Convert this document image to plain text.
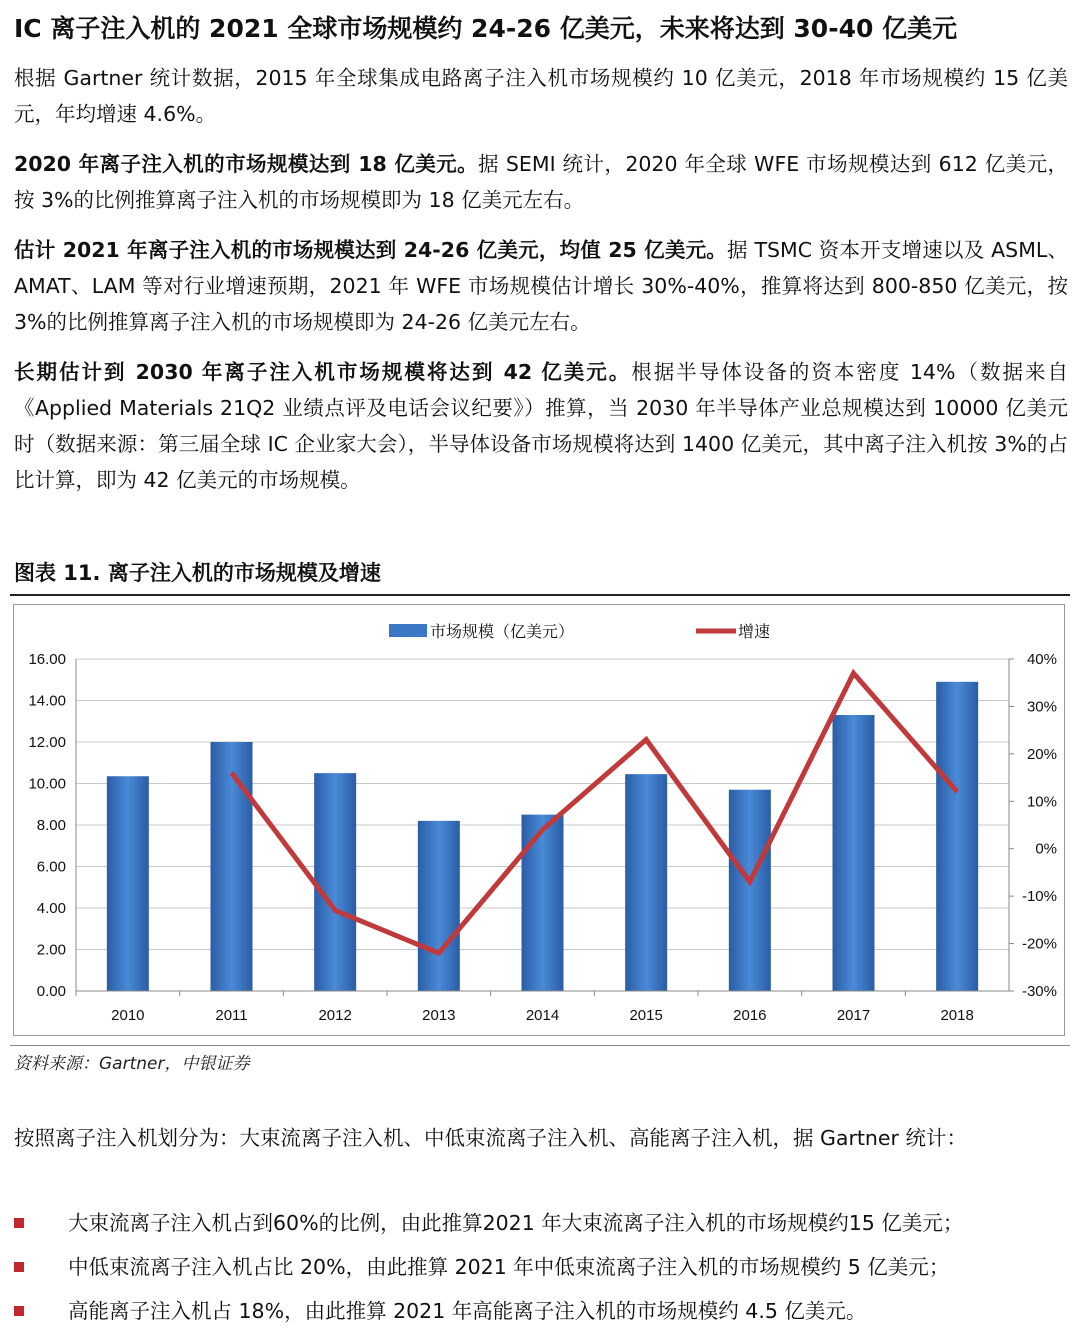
IC 离子注入机的 2021 全球市场规模约 24-26 亿美元，未来将达到 30-40 亿美元
根据 Gartner 统计数据，2015 年全球集成电路离子注入机市场规模约 10 亿美元，2018 年市场规模约 15 亿美元，年均增速 4.6%。
2020 年离子注入机的市场规模达到 18 亿美元。据 SEMI 统计，2020 年全球 WFE 市场规模达到 612 亿美元，按 3%的比例推算离子注入机的市场规模即为 18 亿美元左右。
估计 2021 年离子注入机的市场规模达到 24-26 亿美元，均值 25 亿美元。据 TSMC 资本开支增速以及 ASML、AMAT、LAM 等对行业增速预期，2021 年 WFE 市场规模估计增长 30%-40%，推算将达到 800-850 亿美元，按 3%的比例推算离子注入机的市场规模即为 24-26 亿美元左右。
长期估计到 2030 年离子注入机市场规模将达到 42 亿美元。根据半导体设备的资本密度 14%（数据来自《Applied Materials 21Q2 业绩点评及电话会议纪要》）推算，当 2030 年半导体产业总规模达到 10000 亿美元时（数据来源：第三届全球 IC 企业家大会），半导体设备市场规模将达到 1400 亿美元，其中离子注入机按 3%的占比计算，即为 42 亿美元的市场规模。
图表 11. 离子注入机的市场规模及增速
0.00
2.00
4.00
6.00
8.00
10.00
12.00
14.00
16.00
-30%
-20%
-10%
0%
10%
20%
30%
40%
2010	2011	2012	2013	2014	2015	2016	2017	2018
市场规模（亿美元）	增速
资料来源：Gartner，中银证券
按照离子注入机划分为：大束流离子注入机、中低束流离子注入机、高能离子注入机，据 Gartner 统计：
大束流离子注入机占到60%的比例，由此推算2021 年大束流离子注入机的市场规模约15 亿美元；
中低束流离子注入机占比 20%，由此推算 2021 年中低束流离子注入机的市场规模约 5 亿美元；
高能离子注入机占 18%，由此推算 2021 年高能离子注入机的市场规模约 4.5 亿美元。
